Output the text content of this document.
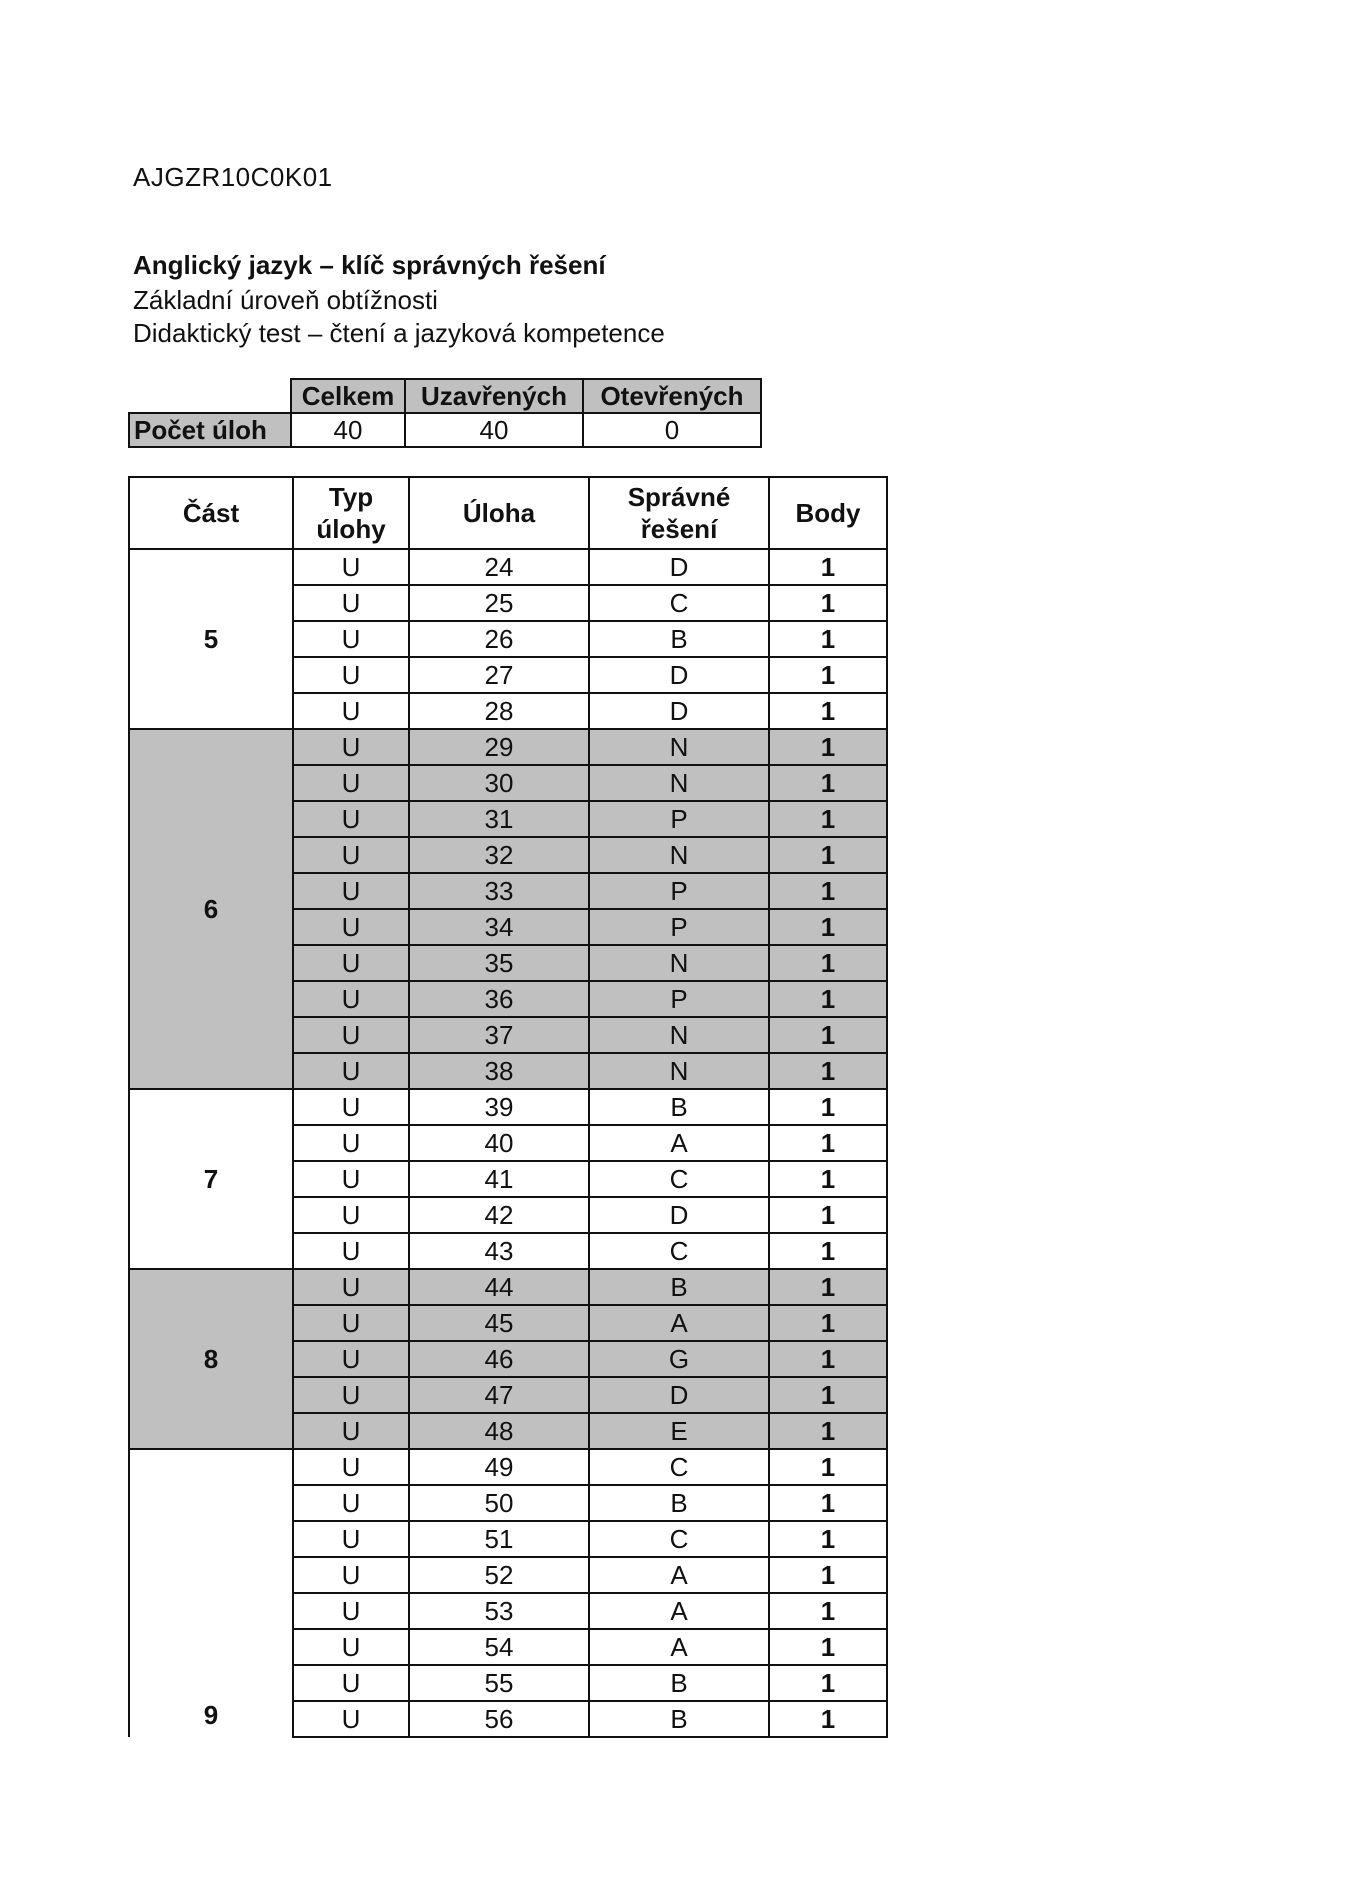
AJGZR10C0K01
Anglický jazyk – klíč správných řešení
Základní úroveň obtížnosti
Didaktický test – čtení a jazyková kompetence
	Celkem	Uzavřených	Otevřených
Počet úloh	40	40	0
Část	Typ úlohy	Úloha	Správné řešení	Body
5	U	24	D	1
	U	25	C	1
	U	26	B	1
	U	27	D	1
	U	28	D	1
6	U	29	N	1
	U	30	N	1
	U	31	P	1
	U	32	N	1
	U	33	P	1
	U	34	P	1
	U	35	N	1
	U	36	P	1
	U	37	N	1
	U	38	N	1
7	U	39	B	1
	U	40	A	1
	U	41	C	1
	U	42	D	1
	U	43	C	1
8	U	44	B	1
	U	45	A	1
	U	46	G	1
	U	47	D	1
	U	48	E	1
9	U	49	C	1
	U	50	B	1
	U	51	C	1
	U	52	A	1
	U	53	A	1
	U	54	A	1
	U	55	B	1
	U	56	B	1
